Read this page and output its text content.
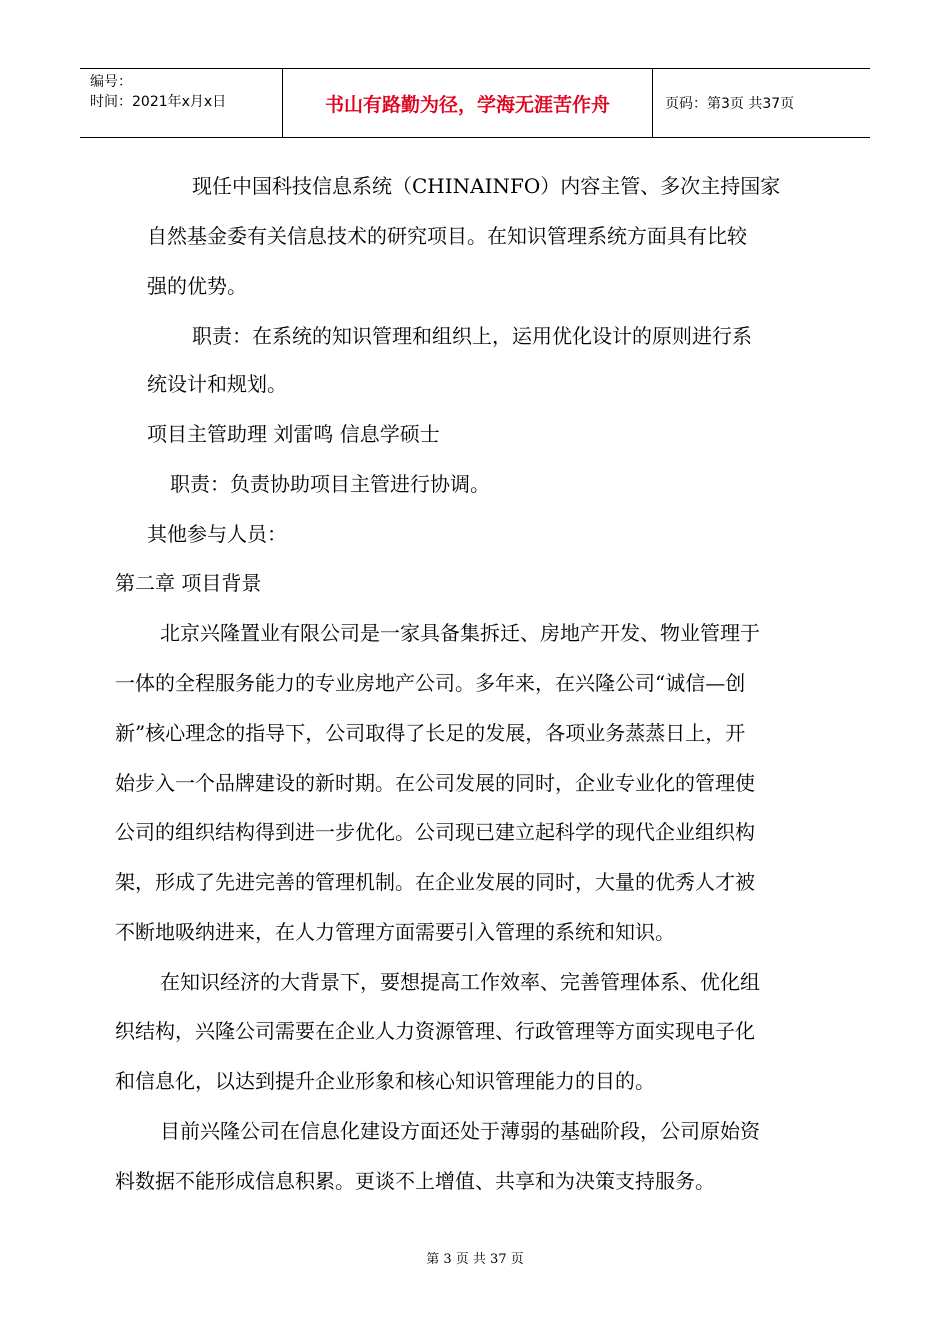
编号：
时间：2021年x月x日	书山有路勤为径，学海无涯苦作舟	页码：第3页 共37页
现任中国科技信息系统（CHINAINFO）内容主管、多次主持国家
自然基金委有关信息技术的研究项目。在知识管理系统方面具有比较
强的优势。
职责：在系统的知识管理和组织上，运用优化设计的原则进行系
统设计和规划。
项目主管助理 刘雷鸣 信息学硕士
职责：负责协助项目主管进行协调。
其他参与人员：
第二章 项目背景
北京兴隆置业有限公司是一家具备集拆迁、房地产开发、物业管理于
一体的全程服务能力的专业房地产公司。多年来，在兴隆公司“诚信—创
新”核心理念的指导下，公司取得了长足的发展，各项业务蒸蒸日上，开
始步入一个品牌建设的新时期。在公司发展的同时，企业专业化的管理使
公司的组织结构得到进一步优化。公司现已建立起科学的现代企业组织构
架，形成了先进完善的管理机制。在企业发展的同时，大量的优秀人才被
不断地吸纳进来，在人力管理方面需要引入管理的系统和知识。
在知识经济的大背景下，要想提高工作效率、完善管理体系、优化组
织结构，兴隆公司需要在企业人力资源管理、行政管理等方面实现电子化
和信息化，以达到提升企业形象和核心知识管理能力的目的。
目前兴隆公司在信息化建设方面还处于薄弱的基础阶段，公司原始资
料数据不能形成信息积累。更谈不上增值、共享和为决策支持服务。
第 3 页 共 37 页
